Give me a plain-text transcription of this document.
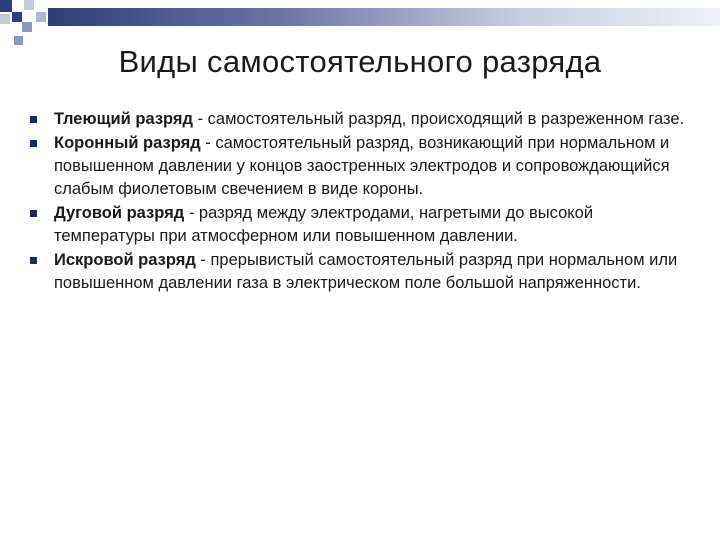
Виды самостоятельного разряда
Тлеющий разряд - самостоятельный разряд, происходящий в разреженном газе.
Коронный разряд - самостоятельный разряд, возникающий при нормальном и повышенном давлении у концов заостренных электродов и сопровождающийся слабым фиолетовым свечением в виде короны.
Дуговой разряд - разряд между электродами, нагретыми до высокой температуры при атмосферном или повышенном давлении.
Искровой разряд - прерывистый самостоятельный разряд при нормальном или повышенном давлении газа в электрическом поле большой напряженности.
